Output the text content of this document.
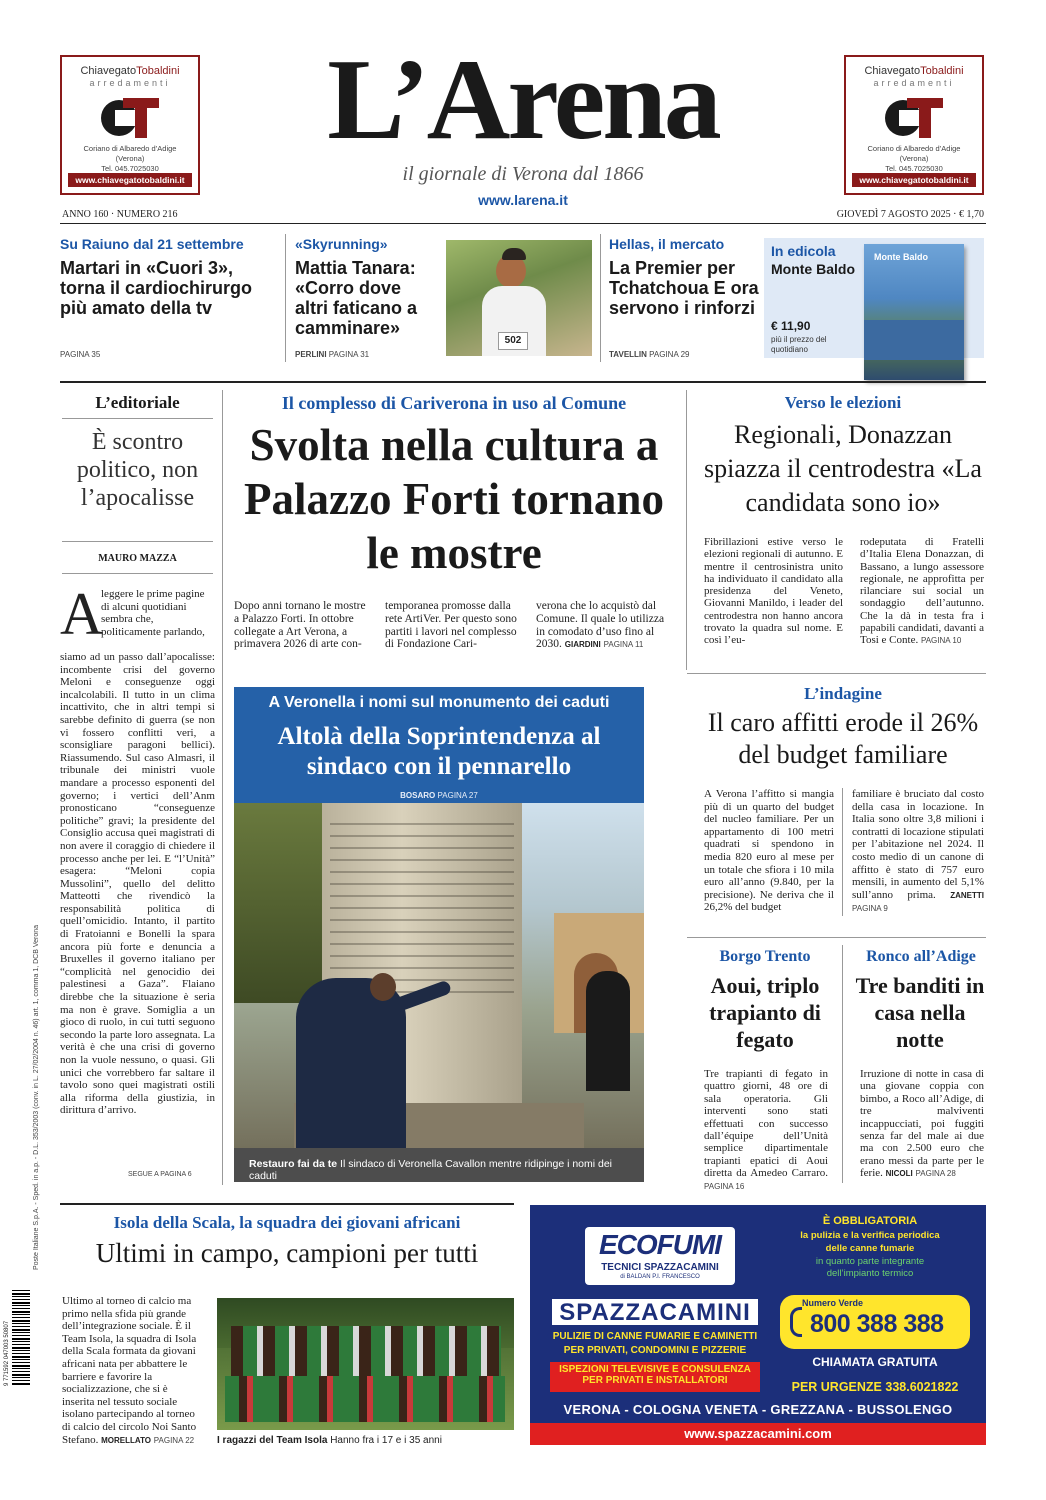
ChiavegatoTobaldini
arredamenti
Coriano di Albaredo d’Adige
(Verona)
Tel. 045.7025030
www.chiavegatotobaldini.it
ChiavegatoTobaldini
arredamenti
Coriano di Albaredo d’Adige
(Verona)
Tel. 045.7025030
www.chiavegatotobaldini.it
L’Arena
il giornale di Verona dal 1866
www.larena.it
ANNO 160 · NUMERO 216	GIOVEDÌ 7 AGOSTO 2025 · € 1,70
Su Raiuno dal 21 settembre
Martari in «Cuori 3», torna il cardiochirurgo più amato della tv
PAGINA 35
«Skyrunning»
Mattia Tanara: «Corro dove altri faticano a camminare»
PERLINI PAGINA 31
502
Hellas, il mercato
La Premier per Tchatchoua E ora servono i rinforzi
TAVELLIN PAGINA 29
In edicola
Monte Baldo
€ 11,90
più il prezzo del quotidiano
Monte Baldo
L’editoriale
È scontro politico, non l’apocalisse
MAURO MAZZA
A
leggere le prime pagine di alcuni quotidiani sembra che, politicamente parlando,
siamo ad un passo dall’apocalisse: incombente crisi del governo Meloni e conseguenze oggi incalcolabili. Il tutto in un clima incattivito, che in altri tempi si sarebbe definito di guerra (se non vi fossero conflitti veri, a sconsigliare paragoni bellici). Riassumendo. Sul caso Almasri, il tribunale dei ministri vuole mandare a processo esponenti del governo; i vertici dell’Anm pronosticano “conseguenze politiche” gravi; la presidente del Consiglio accusa quei magistrati di non avere il coraggio di chiedere il processo anche per lei. E “l’Unità” esagera: “Meloni copia Mussolini”, quello del delitto Matteotti che rivendicò la responsabilità politica di quell’omicidio. Intanto, il partito di Fratoianni e Bonelli la spara ancora più forte e denuncia a Bruxelles il governo italiano per “complicità nel genocidio dei palestinesi a Gaza”. Flaiano direbbe che la situazione è seria ma non è grave. Somiglia a un gioco di ruolo, in cui tutti seguono secondo la parte loro assegnata. La verità è che una crisi di governo non la vuole nessuno, o quasi. Gli unici che vorrebbero far saltare il tavolo sono quei magistrati ostili alla riforma della giustizia, in dirittura d’arrivo.
SEGUE A PAGINA 6
Il complesso di Cariverona in uso al Comune
Svolta nella cultura a Palazzo Forti tornano le mostre
Dopo anni tornano le mostre a Palazzo Forti. In ottobre collegate a Art Verona, a primavera 2026 di arte con-
temporanea promosse dalla rete ArtiVer. Per questo sono partiti i lavori nel complesso di Fondazione Cari-
verona che lo acquistò dal Comune. Il quale lo utilizza in comodato d’uso fino al 2030. GIARDINI PAGINA 11
Verso le elezioni
Regionali, Donazzan spiazza il centrodestra «La candidata sono io»
Fibrillazioni estive verso le elezioni regionali di autunno. E mentre il centrosinistra unito ha individuato il candidato alla presidenza del Veneto, Giovanni Manildo, i leader del centrodestra non hanno ancora trovato la quadra sul nome. E così l’eu-
rodeputata di Fratelli d’Italia Elena Donazzan, di Bassano, a lungo assessore regionale, ne approfitta per rilanciare sui social un sondaggio dell’autunno. Che la dà in testa fra i papabili candidati, davanti a Tosi e Conte. PAGINA 10
A Veronella i nomi sul monumento dei caduti
Altolà della Soprintendenza al sindaco con il pennarello
BOSARO PAGINA 27
Restauro fai da te Il sindaco di Veronella Cavallon mentre ridipinge i nomi dei caduti
L’indagine
Il caro affitti erode il 26% del budget familiare
A Verona l’affitto si mangia più di un quarto del budget del nucleo familiare. Per un appartamento di 100 metri quadrati si spendono in media 820 euro al mese per un totale che sfiora i 10 mila euro all’anno (9.840, per la precisione). Ne deriva che il 26,2% del budget
familiare è bruciato dal costo della casa in locazione. In Italia sono oltre 3,8 milioni i contratti di locazione stipulati per l’abitazione nel 2024. Il costo medio di un canone di affitto è stato di 757 euro mensili, in aumento del 5,1% sull’anno prima. ZANETTI PAGINA 9
Borgo Trento
Aoui, triplo trapianto di fegato
Tre trapianti di fegato in quattro giorni, 48 ore di sala operatoria. Gli interventi sono stati effettuati con successo dall’équipe dell’Unità semplice dipartimentale trapianti epatici di Aoui diretta da Amedeo Carraro. PAGINA 16
Ronco all’Adige
Tre banditi in casa nella notte
Irruzione di notte in casa di una giovane coppia con bimbo, a Roco all’Adige, di tre malviventi incappucciati, poi fuggiti senza far del male ai due ma con 2.500 euro che erano messi da parte per le ferie. NICOLI PAGINA 28
Isola della Scala, la squadra dei giovani africani
Ultimi in campo, campioni per tutti
Ultimo al torneo di calcio ma primo nella sfida più grande dell’integrazione sociale. È il Team Isola, la squadra di Isola della Scala formata da giovani africani nata per abbattere le barriere e favorire la socializzazione, che si è inserita nel tessuto sociale isolano partecipando al torneo di calcio del circolo Noi Santo Stefano. MORELLATO PAGINA 22	I ragazzi del Team Isola Hanno fra i 17 e i 35 anni
ECOFUMI
TECNICI SPAZZACAMINI
di BALDAN P.I. FRANCESCO
È OBBLIGATORIA
la pulizia e la verifica periodica
delle canne fumarie
in quanto parte integrante
dell’impianto termico
SPAZZACAMINI
PULIZIE DI CANNE FUMARIE E CAMINETTI
PER PRIVATI, CONDOMINI E PIZZERIE
ISPEZIONI TELEVISIVE E CONSULENZA
PER PRIVATI E INSTALLATORI
Numero Verde
800 388 388
CHIAMATA GRATUITA
PER URGENZE 338.6021822
VERONA - COLOGNA VENETA - GREZZANA - BUSSOLENGO
www.spazzacamini.com
Poste Italiane S.p.A. - Sped. in a.p. - D.L. 353/2003 (conv. in L. 27/02/2004 n. 46) art. 1, comma 1, DCB Verona
9 771592 047003 50807
